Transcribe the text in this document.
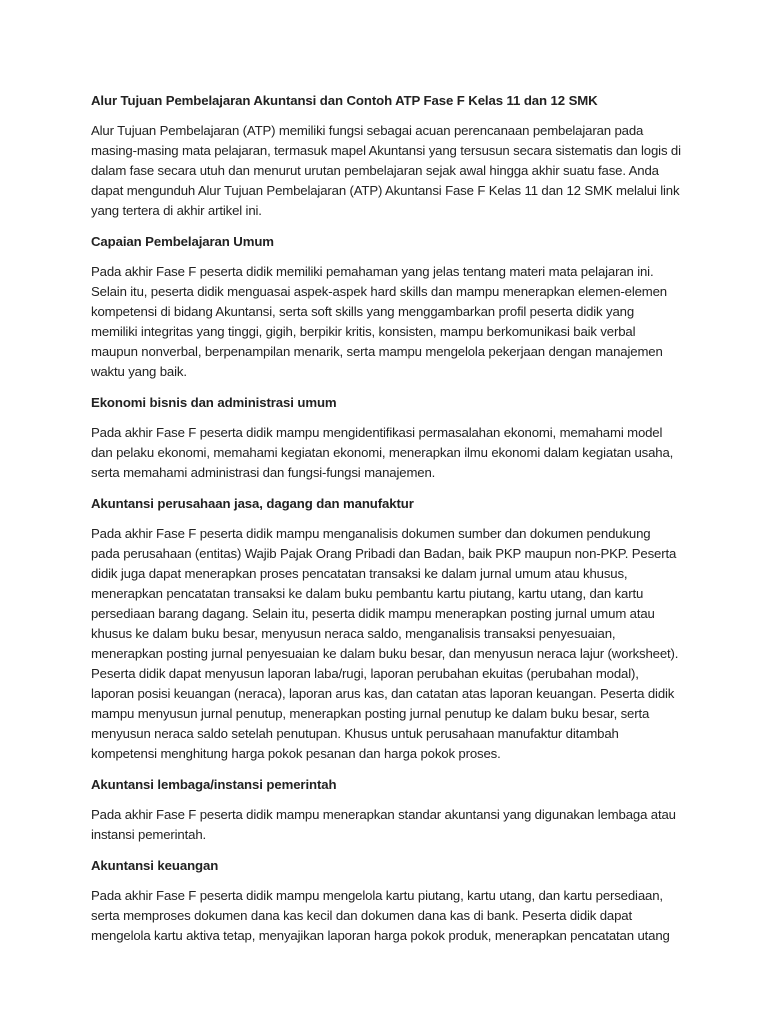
Alur Tujuan Pembelajaran Akuntansi dan Contoh ATP Fase F Kelas 11 dan 12 SMK
Alur Tujuan Pembelajaran (ATP) memiliki fungsi sebagai acuan perencanaan pembelajaran pada masing-masing mata pelajaran, termasuk mapel Akuntansi yang tersusun secara sistematis dan logis di dalam fase secara utuh dan menurut urutan pembelajaran sejak awal hingga akhir suatu fase. Anda dapat mengunduh Alur Tujuan Pembelajaran (ATP) Akuntansi Fase F Kelas 11 dan 12 SMK melalui link yang tertera di akhir artikel ini.
Capaian Pembelajaran Umum
Pada akhir Fase F peserta didik memiliki pemahaman yang jelas tentang materi mata pelajaran ini. Selain itu, peserta didik menguasai aspek-aspek hard skills dan mampu menerapkan elemen-elemen kompetensi di bidang Akuntansi, serta soft skills yang menggambarkan profil peserta didik yang memiliki integritas yang tinggi, gigih, berpikir kritis, konsisten, mampu berkomunikasi baik verbal maupun nonverbal, berpenampilan menarik, serta mampu mengelola pekerjaan dengan manajemen waktu yang baik.
Ekonomi bisnis dan administrasi umum
Pada akhir Fase F peserta didik mampu mengidentifikasi permasalahan ekonomi, memahami model dan pelaku ekonomi, memahami kegiatan ekonomi, menerapkan ilmu ekonomi dalam kegiatan usaha, serta memahami administrasi dan fungsi-fungsi manajemen.
Akuntansi perusahaan jasa, dagang dan manufaktur
Pada akhir Fase F peserta didik mampu menganalisis dokumen sumber dan dokumen pendukung pada perusahaan (entitas) Wajib Pajak Orang Pribadi dan Badan, baik PKP maupun non-PKP. Peserta didik juga dapat menerapkan proses pencatatan transaksi ke dalam jurnal umum atau khusus, menerapkan pencatatan transaksi ke dalam buku pembantu kartu piutang, kartu utang, dan kartu persediaan barang dagang. Selain itu, peserta didik mampu menerapkan posting jurnal umum atau khusus ke dalam buku besar, menyusun neraca saldo, menganalisis transaksi penyesuaian, menerapkan posting jurnal penyesuaian ke dalam buku besar, dan menyusun neraca lajur (worksheet). Peserta didik dapat menyusun laporan laba/rugi, laporan perubahan ekuitas (perubahan modal), laporan posisi keuangan (neraca), laporan arus kas, dan catatan atas laporan keuangan. Peserta didik mampu menyusun jurnal penutup, menerapkan posting jurnal penutup ke dalam buku besar, serta menyusun neraca saldo setelah penutupan. Khusus untuk perusahaan manufaktur ditambah kompetensi menghitung harga pokok pesanan dan harga pokok proses.
Akuntansi lembaga/instansi pemerintah
Pada akhir Fase F peserta didik mampu menerapkan standar akuntansi yang digunakan lembaga atau instansi pemerintah.
Akuntansi keuangan
Pada akhir Fase F peserta didik mampu mengelola kartu piutang, kartu utang, dan kartu persediaan, serta memproses dokumen dana kas kecil dan dokumen dana kas di bank. Peserta didik dapat mengelola kartu aktiva tetap, menyajikan laporan harga pokok produk, menerapkan pencatatan utang
